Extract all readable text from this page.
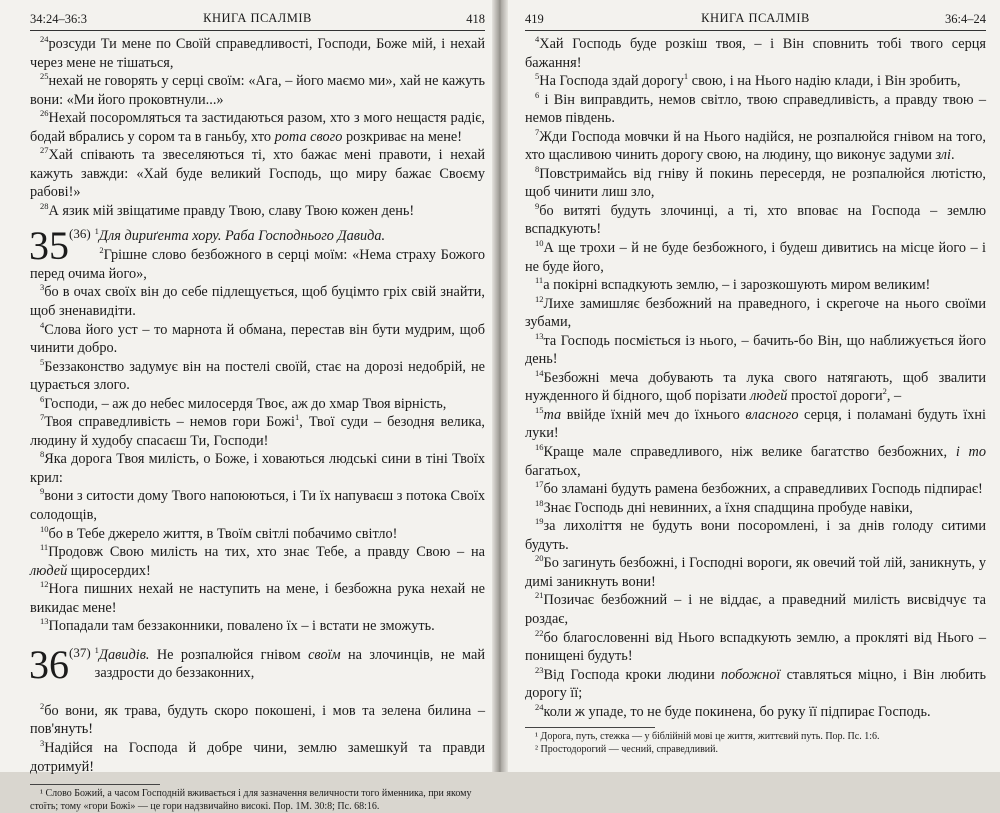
34:24–36:3	КНИГА ПСАЛМІВ	418

$^{24}$розсуди Ти мене по Своїй справедливості, Господи, Боже мій, і нехай через мене не тішаться,

$^{25}$нехай не говорять у серці своїм: «Ага, – його маємо ми», хай не кажуть вони: «Ми його проковтнули...»

$^{26}$Нехай посоромляться та застидаються разом, хто з мого нещастя радіє, бодай вбрались у сором та в ганьбу, хто рота свого розкриває на мене!

$^{27}$Хай співають та звеселяються ті, хто бажає мені правоти, і нехай кажуть завжди: «Хай буде великий Господь, що миру бажає Своєму рабові!»

$^{28}$А язик мій звіщатиме правду Твою, славу Твою кожен день!

35$^{(36)}$ $^1$Для дириґента хору. Раба Господнього Давида.

$^2$Грішне слово безбожного в серці моїм: «Нема страху Божого перед очима його»,

$^3$бо в очах своїх він до себе підлещується, щоб буцімто гріх свій знайти, щоб зненавидіти.

$^4$Слова його уст – то марнота й обмана, перестав він бути мудрим, щоб чинити добро.

$^5$Беззаконство задумує він на постелі своїй, стає на дорозі недобрій, не цурається злого.

$^6$Господи, – аж до небес милосердя Твоє, аж до хмар Твоя вірність,

$^7$Твоя справедливість – немов гори Божі$^1$, Твої суди – безодня велика, людину й худобу спасаєш Ти, Господи!

$^8$Яка дорога Твоя милість, о Боже, і ховаються людські сини в тіні Твоїх крил:

$^9$вони з ситости дому Твого напоюються, і Ти їх напуваєш з потока Своїх солодощів,

$^{10}$бо в Тебе джерело життя, в Твоїм світлі побачимо світло!

$^{11}$Продовж Свою милість на тих, хто знає Тебе, а правду Свою – на людей щиросердих!

$^{12}$Нога пишних нехай не наступить на мене, і безбожна рука нехай не викидає мене!

$^{13}$Попадали там беззаконники, повалено їх – і встати не зможуть.

36$^{(37)}$ $^1$Давидів. Не розпалюйся гнівом своїм на злочинців, не май заздрости до беззаконних,

$^2$бо вони, як трава, будуть скоро покошені, і мов та зелена билина – пов'януть!

$^3$Надійся на Господа й добре чини, землю замешкуй та правди дотримуй!

¹ Слово Божий, а часом Господній вживається і для зазначення величности того йменника, при якому стоїть; тому «гори Божі» — це гори надзвичайно високі. Пор. 1М. 30:8; Пс. 68:16.

419	КНИГА ПСАЛМІВ	36:4–24

$^4$Хай Господь буде розкіш твоя, – і Він сповнить тобі твого серця бажання!

$^5$На Господа здай дорогу$^1$ свою, і на Нього надію клади, і Він зробить,

$^6$ і Він виправдить, немов світло, твою справедливість, а правду твою – немов південь.

$^7$Жди Господа мовчки й на Нього надійся, не розпалюйся гнівом на того, хто щасливою чинить дорогу свою, на людину, що виконує задуми злі.

$^8$Повстримайсь від гніву й покинь пересердя, не розпалюйся лютістю, щоб чинити лиш зло,

$^9$бо витяті будуть злочинці, а ті, хто вповає на Господа – землю вспадкують!

$^{10}$А ще трохи – й не буде безбожного, і будеш дивитись на місце його – і не буде його,

$^{11}$а покірні вспадкують землю, – і зарозкошують миром великим!

$^{12}$Лихе замишляє безбожний на праведного, і скрегоче на нього своїми зубами,

$^{13}$та Господь посміється із нього, – бачить-бо Він, що наближується його день!

$^{14}$Безбожні меча добувають та лука свого натягають, щоб звалити нужденного й бідного, щоб порізати людей простої дороги$^2$, –

$^{15}$та ввійде їхній меч до їхнього власного серця, і поламані будуть їхні луки!

$^{16}$Краще мале справедливого, ніж велике багатство безбожних, і то багатьох,

$^{17}$бо зламані будуть рамена безбожних, а справедливих Господь підпирає!

$^{18}$Знає Господь дні невинних, а їхня спадщина пробуде навіки,

$^{19}$за лихоліття не будуть вони посоромлені, і за днів голоду ситими будуть.

$^{20}$Бо загинуть безбожні, і Господні вороги, як овечий той лій, заникнуть, у димі заникнуть вони!

$^{21}$Позичає безбожний – і не віддає, а праведний милість висвідчує та роздає,

$^{22}$бо благословенні від Нього вспадкують землю, а прокляті від Нього – понищені будуть!

$^{23}$Від Господа кроки людини побожної ставляться міцно, і Він любить дорогу її;

$^{24}$коли ж упаде, то не буде покинена, бо руку її підпирає Господь.

¹ Дорога, путь, стежка — у біблійній мові це життя, життєвий путь. Пор. Пс. 1:6.

² Простодорогий — чесний, справедливий.
